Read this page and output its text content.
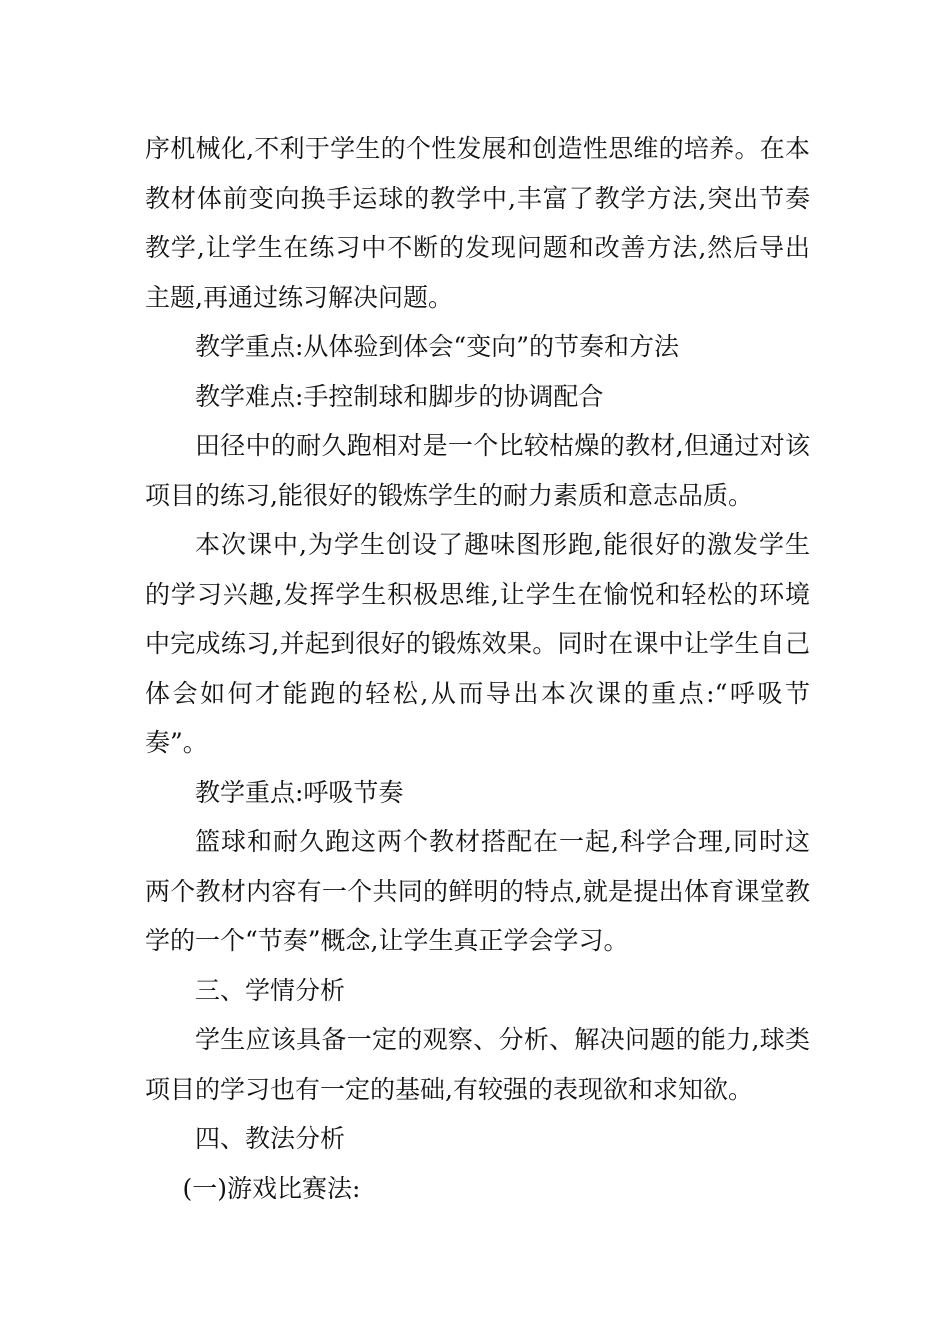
序机械化,不利于学生的个性发展和创造性思维的培养。在本教材体前变向换手运球的教学中,丰富了教学方法,突出节奏教学,让学生在练习中不断的发现问题和改善方法,然后导出主题,再通过练习解决问题。

教学重点:从体验到体会“变向”的节奏和方法

教学难点:手控制球和脚步的协调配合

田径中的耐久跑相对是一个比较枯燥的教材,但通过对该项目的练习,能很好的锻炼学生的耐力素质和意志品质。

本次课中,为学生创设了趣味图形跑,能很好的激发学生的学习兴趣,发挥学生积极思维,让学生在愉悦和轻松的环境中完成练习,并起到很好的锻炼效果。同时在课中让学生自己体会如何才能跑的轻松,从而导出本次课的重点:“呼吸节奏”。

教学重点:呼吸节奏

篮球和耐久跑这两个教材搭配在一起,科学合理,同时这两个教材内容有一个共同的鲜明的特点,就是提出体育课堂教学的一个“节奏”概念,让学生真正学会学习。

三、学情分析

学生应该具备一定的观察、分析、解决问题的能力,球类项目的学习也有一定的基础,有较强的表现欲和求知欲。

四、教法分析

(一)游戏比赛法:
